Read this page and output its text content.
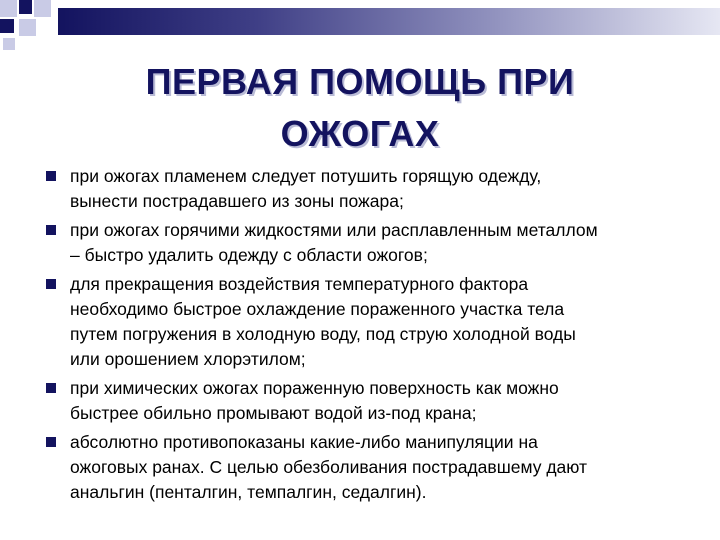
ПЕРВАЯ ПОМОЩЬ ПРИ
ОЖОГАХ
при ожогах пламенем следует потушить горящую одежду,
вынести пострадавшего из зоны пожара;
при ожогах горячими жидкостями или расплавленным металлом
– быстро удалить одежду с области ожогов;
для прекращения воздействия температурного фактора
необходимо быстрое охлаждение пораженного участка тела
путем погружения в холодную воду, под струю холодной воды
или орошением хлорэтилом;
при химических ожогах пораженную поверхность как можно
быстрее обильно промывают водой из-под крана;
абсолютно противопоказаны какие-либо манипуляции на
ожоговых ранах. С целью обезболивания пострадавшему дают
анальгин (пенталгин, темпалгин, седалгин).
